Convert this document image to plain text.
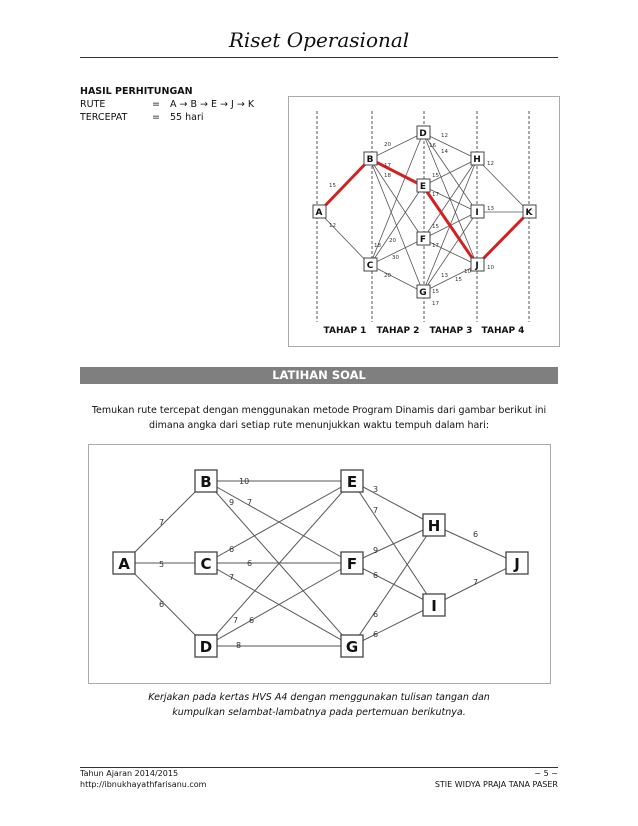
Riset Operasional
HASIL PERHITUNGAN
RUTE	=	A → B → E → J → K
TERCEPAT	=	55 hari
15
12
20
17
18
16
14
12
15
17
18
20
20
30
15
17
15
10
13
10
12
15
13
17
A
B
C
D
E
F
G
H
I
J
K
TAHAP 1 TAHAP 2 TAHAP 3 TAHAP 4
LATIHAN SOAL
Temukan rute tercepat dengan menggunakan metode Program Dinamis dari gambar berikut ini
dimana angka dari setiap rute menunjukkan waktu tempuh dalam hari:
7
5
6
10
9 7
6
6
7
7 6
8
3
7
9
6
6
6
6
7
A
B
C
D
E
F
G
H
I
J
Kerjakan pada kertas HVS A4 dengan menggunakan tulisan tangan dan
kumpulkan selambat-lambatnya pada pertemuan berikutnya.
Tahun Ajaran 2014/2015
http://ibnukhayathfarisanu.com
~ 5 ~
STIE WIDYA PRAJA TANA PASER
